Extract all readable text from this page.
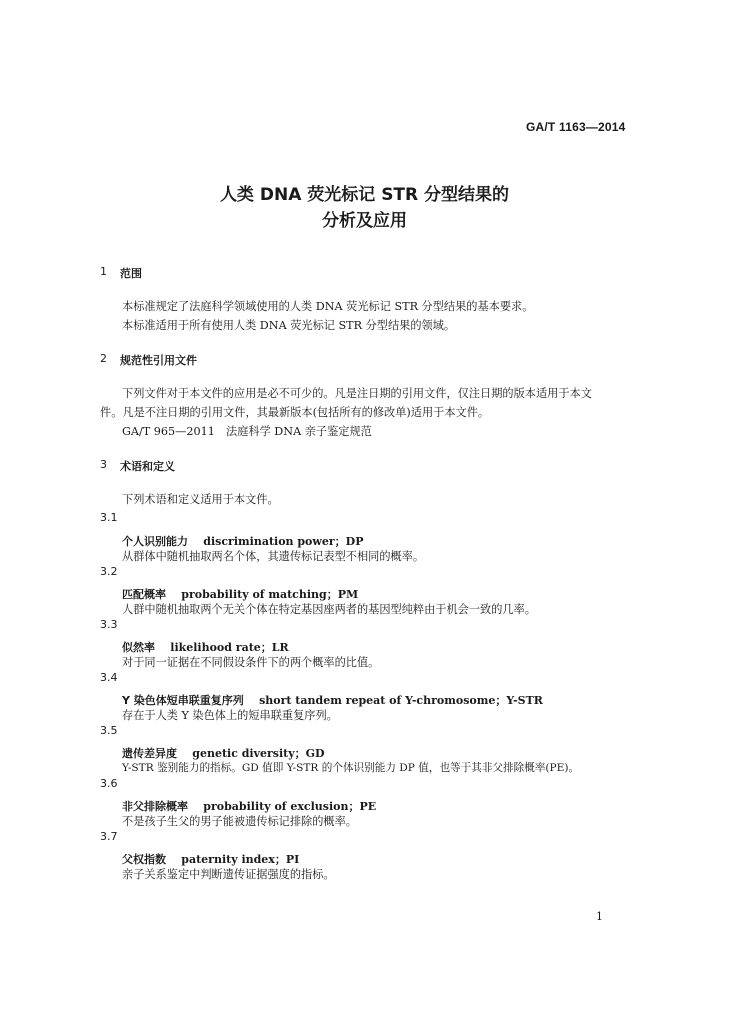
GA/T 1163—2014
人类 DNA 荧光标记 STR 分型结果的
分析及应用
1 范围
本标准规定了法庭科学领域使用的人类 DNA 荧光标记 STR 分型结果的基本要求。
本标准适用于所有使用人类 DNA 荧光标记 STR 分型结果的领域。
2 规范性引用文件
下列文件对于本文件的应用是必不可少的。凡是注日期的引用文件，仅注日期的版本适用于本文
件。凡是不注日期的引用文件，其最新版本(包括所有的修改单)适用于本文件。
GA/T 965—2011　法庭科学 DNA 亲子鉴定规范
3 术语和定义
下列术语和定义适用于本文件。
3.1
个人识别能力 discrimination power；DP
从群体中随机抽取两名个体，其遗传标记表型不相同的概率。
3.2
匹配概率 probability of matching；PM
人群中随机抽取两个无关个体在特定基因座两者的基因型纯粹由于机会一致的几率。
3.3
似然率 likelihood rate；LR
对于同一证据在不同假设条件下的两个概率的比值。
3.4
Y 染色体短串联重复序列 short tandem repeat of Y-chromosome；Y-STR
存在于人类 Y 染色体上的短串联重复序列。
3.5
遗传差异度 genetic diversity；GD
Y-STR 鉴别能力的指标。GD 值即 Y-STR 的个体识别能力 DP 值，也等于其非父排除概率(PE)。
3.6
非父排除概率 probability of exclusion；PE
不是孩子生父的男子能被遗传标记排除的概率。
3.7
父权指数 paternity index；PI
亲子关系鉴定中判断遗传证据强度的指标。
1
